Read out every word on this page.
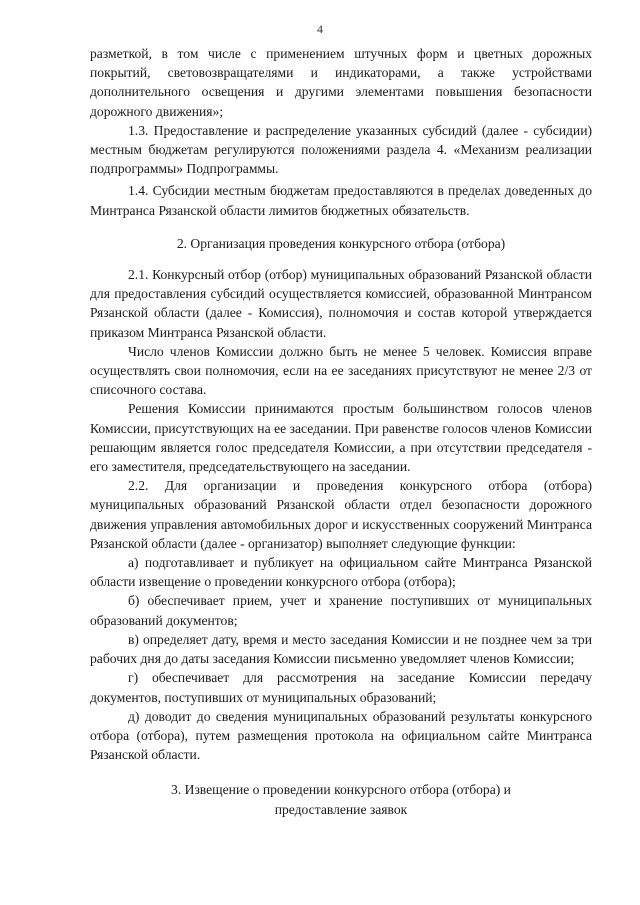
4

разметкой, в том числе с применением штучных форм и цветных дорожных покрытий, световозвращателями и индикаторами, а также устройствами дополнительного освещения и другими элементами повышения безопасности дорожного движения»;

1.3. Предоставление и распределение указанных субсидий (далее - субсидии) местным бюджетам регулируются положениями раздела 4. «Механизм реализации подпрограммы» Подпрограммы.

1.4. Субсидии местным бюджетам предоставляются в пределах доведенных до Минтранса Рязанской области лимитов бюджетных обязательств.

2. Организация проведения конкурсного отбора (отбора)

2.1. Конкурсный отбор (отбор) муниципальных образований Рязанской области для предоставления субсидий осуществляется комиссией, образованной Минтрансом Рязанской области (далее - Комиссия), полномочия и состав которой утверждается приказом Минтранса Рязанской области.

Число членов Комиссии должно быть не менее 5 человек. Комиссия вправе осуществлять свои полномочия, если на ее заседаниях присутствуют не менее 2/3 от списочного состава.

Решения Комиссии принимаются простым большинством голосов членов Комиссии, присутствующих на ее заседании. При равенстве голосов членов Комиссии решающим является голос председателя Комиссии, а при отсутствии председателя - его заместителя, председательствующего на заседании.

2.2. Для организации и проведения конкурсного отбора (отбора) муниципальных образований Рязанской области отдел безопасности дорожного движения управления автомобильных дорог и искусственных сооружений Минтранса Рязанской области (далее - организатор) выполняет следующие функции:

а) подготавливает и публикует на официальном сайте Минтранса Рязанской области извещение о проведении конкурсного отбора (отбора);

б) обеспечивает прием, учет и хранение поступивших от муниципальных образований документов;

в) определяет дату, время и место заседания Комиссии и не позднее чем за три рабочих дня до даты заседания Комиссии письменно уведомляет членов Комиссии;

г) обеспечивает для рассмотрения на заседание Комиссии передачу документов, поступивших от муниципальных образований;

д) доводит до сведения муниципальных образований результаты конкурсного отбора (отбора), путем размещения протокола на официальном сайте Минтранса Рязанской области.

3. Извещение о проведении конкурсного отбора (отбора) и
предоставление заявок
